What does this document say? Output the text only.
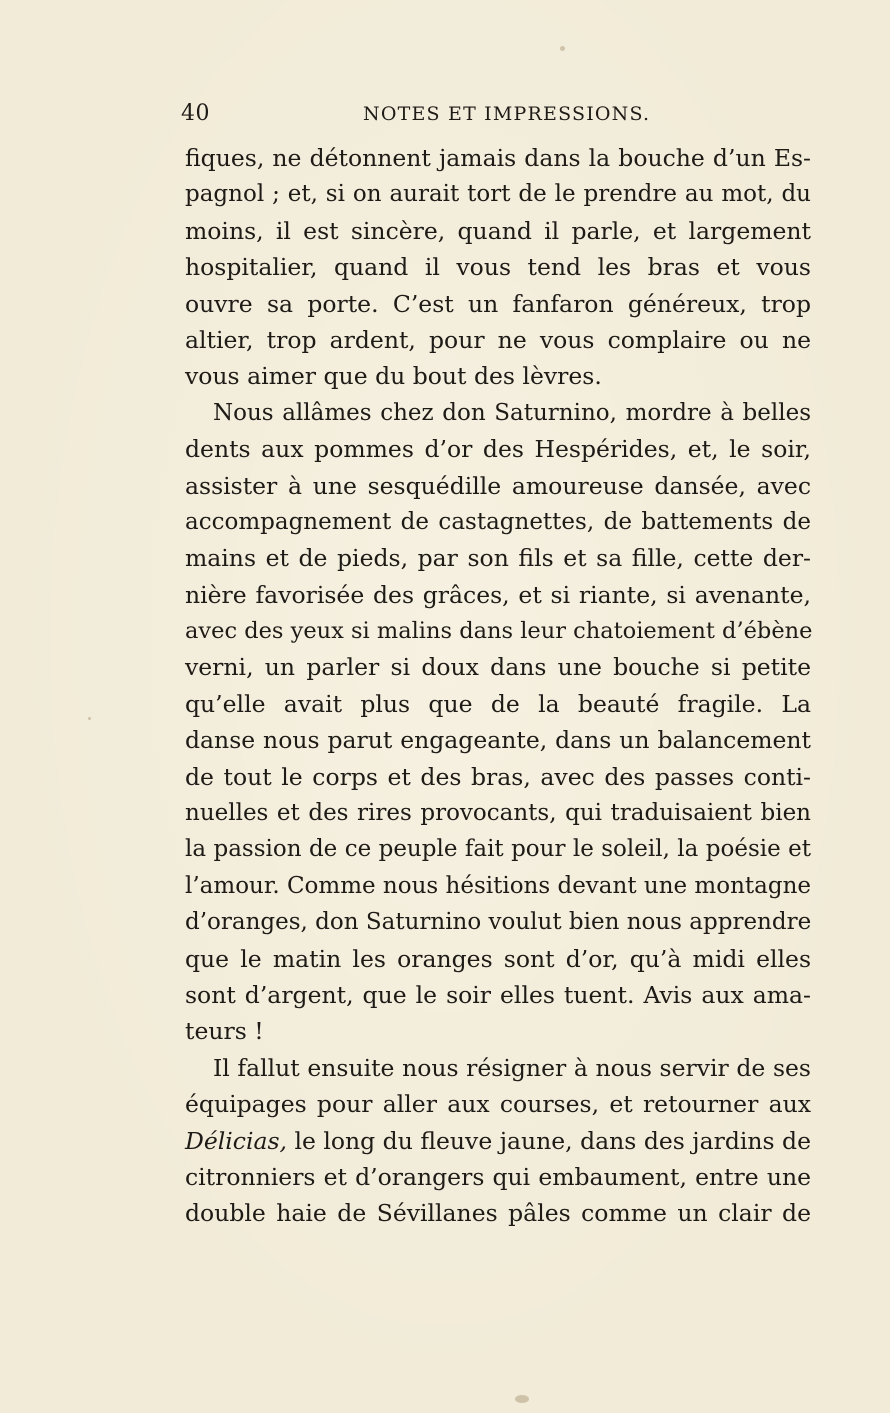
40	NOTES ET IMPRESSIONS.
fiques, ne détonnent jamais dans la bouche d’un Es-
pagnol ; et, si on aurait tort de le prendre au mot, du
moins, il est sincère, quand il parle, et largement
hospitalier, quand il vous tend les bras et vous
ouvre sa porte. C’est un fanfaron généreux, trop
altier, trop ardent, pour ne vous complaire ou ne
vous aimer que du bout des lèvres.
Nous allâmes chez don Saturnino, mordre à belles
dents aux pommes d’or des Hespérides, et, le soir,
assister à une sesquédille amoureuse dansée, avec
accompagnement de castagnettes, de battements de
mains et de pieds, par son fils et sa fille, cette der-
nière favorisée des grâces, et si riante, si avenante,
avec des yeux si malins dans leur chatoiement d’ébène
verni, un parler si doux dans une bouche si petite
qu’elle avait plus que de la beauté fragile. La
danse nous parut engageante, dans un balancement
de tout le corps et des bras, avec des passes conti-
nuelles et des rires provocants, qui traduisaient bien
la passion de ce peuple fait pour le soleil, la poésie et
l’amour. Comme nous hésitions devant une montagne
d’oranges, don Saturnino voulut bien nous apprendre
que le matin les oranges sont d’or, qu’à midi elles
sont d’argent, que le soir elles tuent. Avis aux ama-
teurs !
Il fallut ensuite nous résigner à nous servir de ses
équipages pour aller aux courses, et retourner aux
Délicias, le long du fleuve jaune, dans des jardins de
citronniers et d’orangers qui embaument, entre une
double haie de Sévillanes pâles comme un clair de
